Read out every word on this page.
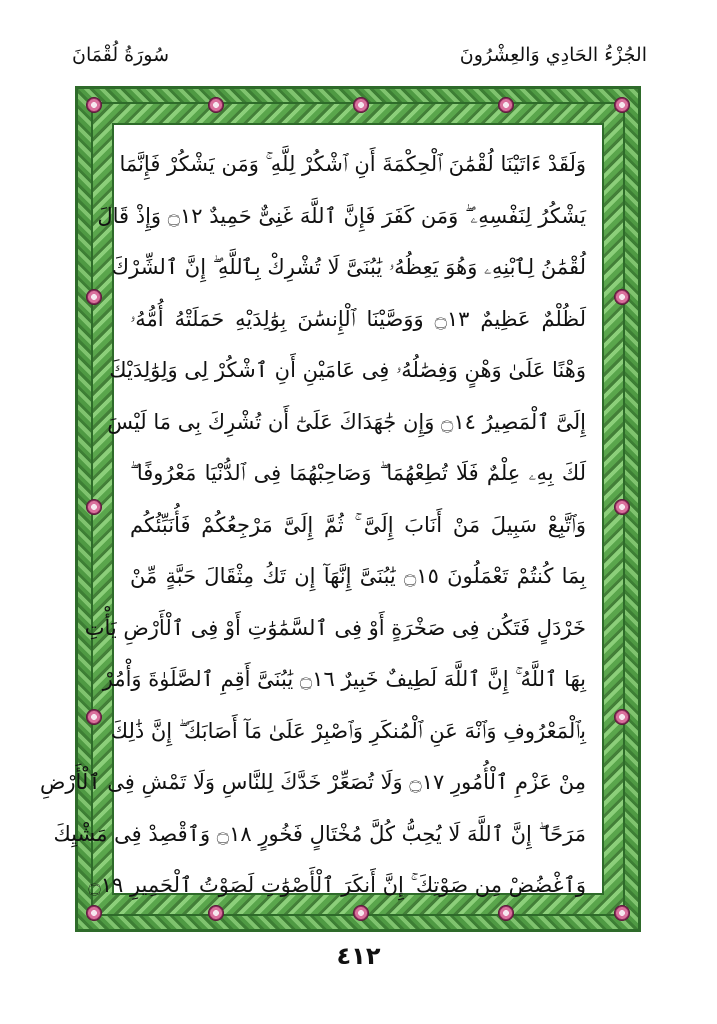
الجُزْءُ الحَادِي وَالعِشْرُونَ
سُورَةُ لُقْمَانَ
وَلَقَدْ ءَاتَيْنَا لُقْمَٰنَ ٱلْحِكْمَةَ أَنِ ٱشْكُرْ لِلَّهِ ۚ وَمَن يَشْكُرْ فَإِنَّمَا
يَشْكُرُ لِنَفْسِهِۦ ۖ وَمَن كَفَرَ فَإِنَّ ٱللَّهَ غَنِىٌّ حَمِيدٌ ۝١٢ وَإِذْ قَالَ
لُقْمَٰنُ لِٱبْنِهِۦ وَهُوَ يَعِظُهُۥ يَٰبُنَىَّ لَا تُشْرِكْ بِٱللَّهِ ۖ إِنَّ ٱلشِّرْكَ
لَظُلْمٌ عَظِيمٌ ۝١٣ وَوَصَّيْنَا ٱلْإِنسَٰنَ بِوَٰلِدَيْهِ حَمَلَتْهُ أُمُّهُۥ
وَهْنًا عَلَىٰ وَهْنٍ وَفِصَٰلُهُۥ فِى عَامَيْنِ أَنِ ٱشْكُرْ لِى وَلِوَٰلِدَيْكَ
إِلَىَّ ٱلْمَصِيرُ ۝١٤ وَإِن جَٰهَدَاكَ عَلَىٰٓ أَن تُشْرِكَ بِى مَا لَيْسَ
لَكَ بِهِۦ عِلْمٌ فَلَا تُطِعْهُمَا ۖ وَصَاحِبْهُمَا فِى ٱلدُّنْيَا مَعْرُوفًا ۖ
وَٱتَّبِعْ سَبِيلَ مَنْ أَنَابَ إِلَىَّ ۚ ثُمَّ إِلَىَّ مَرْجِعُكُمْ فَأُنَبِّئُكُم
بِمَا كُنتُمْ تَعْمَلُونَ ۝١٥ يَٰبُنَىَّ إِنَّهَآ إِن تَكُ مِثْقَالَ حَبَّةٍ مِّنْ
خَرْدَلٍ فَتَكُن فِى صَخْرَةٍ أَوْ فِى ٱلسَّمَٰوَٰتِ أَوْ فِى ٱلْأَرْضِ يَأْتِ
بِهَا ٱللَّهُ ۚ إِنَّ ٱللَّهَ لَطِيفٌ خَبِيرٌ ۝١٦ يَٰبُنَىَّ أَقِمِ ٱلصَّلَوٰةَ وَأْمُرْ
بِٱلْمَعْرُوفِ وَٱنْهَ عَنِ ٱلْمُنكَرِ وَٱصْبِرْ عَلَىٰ مَآ أَصَابَكَ ۖ إِنَّ ذَٰلِكَ
مِنْ عَزْمِ ٱلْأُمُورِ ۝١٧ وَلَا تُصَعِّرْ خَدَّكَ لِلنَّاسِ وَلَا تَمْشِ فِى ٱلْأَرْضِ
مَرَحًا ۖ إِنَّ ٱللَّهَ لَا يُحِبُّ كُلَّ مُخْتَالٍ فَخُورٍ ۝١٨ وَٱقْصِدْ فِى مَشْيِكَ
وَٱغْضُضْ مِن صَوْتِكَ ۚ إِنَّ أَنكَرَ ٱلْأَصْوَٰتِ لَصَوْتُ ٱلْحَمِيرِ ۝١٩
٤١٢
